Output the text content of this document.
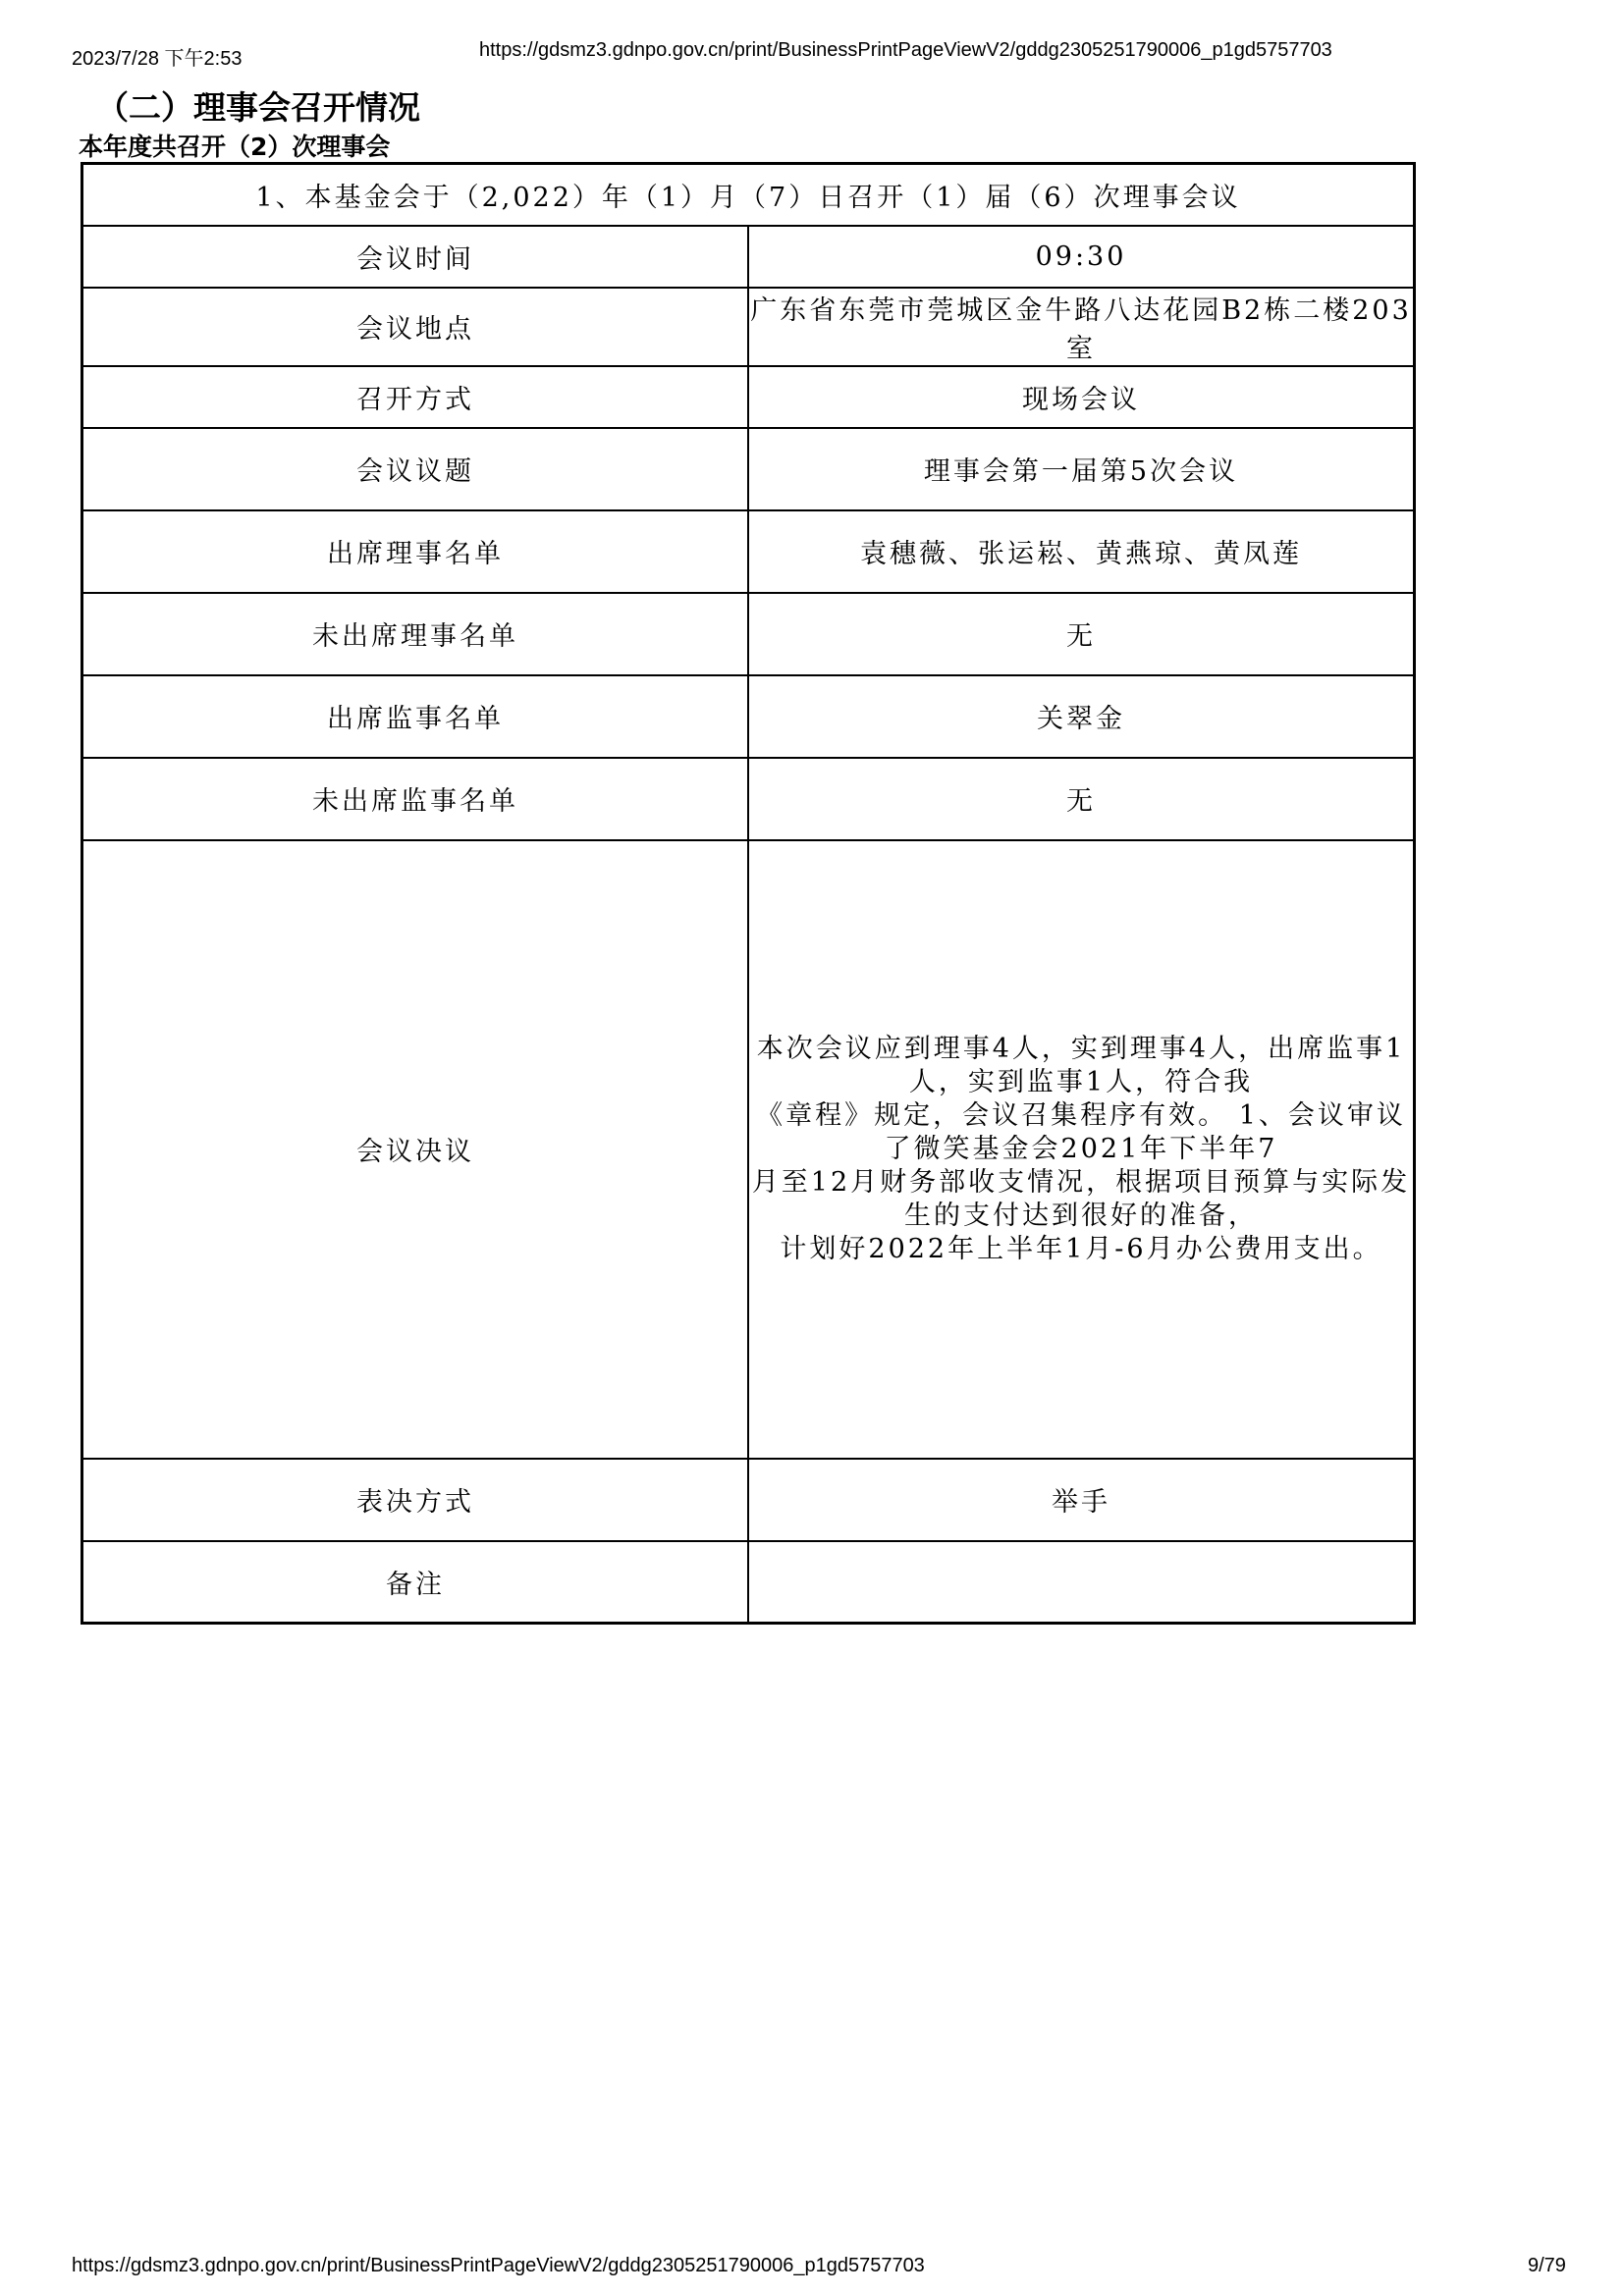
2023/7/28 下午2:53	https://gdsmz3.gdnpo.gov.cn/print/BusinessPrintPageViewV2/gddg2305251790006_p1gd5757703
（二）理事会召开情况
本年度共召开（2）次理事会
1、本基金会于（2,022）年（1）月（7）日召开（1）届（6）次理事会议	
会议时间	09:30
会议地点	广东省东莞市莞城区金牛路八达花园B2栋二楼203室
召开方式	现场会议
会议议题	理事会第一届第5次会议
出席理事名单	袁穗薇、张运崧、黄燕琼、黄凤莲
未出席理事名单	无
出席监事名单	关翠金
未出席监事名单	无
会议决议	本次会议应到理事4人，实到理事4人，出席监事1人，实到监事1人，符合我
《章程》规定，会议召集程序有效。 1、会议审议了微笑基金会2021年下半年7
月至12月财务部收支情况，根据项目预算与实际发生的支付达到很好的准备，
计划好2022年上半年1月-6月办公费用支出。

表决方式	举手
备注	
https://gdsmz3.gdnpo.gov.cn/print/BusinessPrintPageViewV2/gddg2305251790006_p1gd5757703	9/79
